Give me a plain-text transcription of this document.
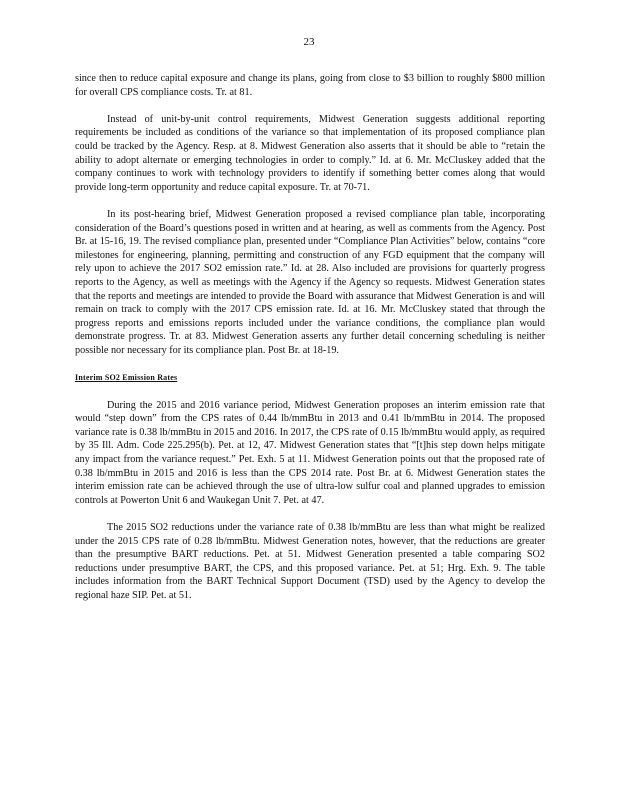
23

since then to reduce capital exposure and change its plans, going from close to $3 billion to roughly $800 million for overall CPS compliance costs. Tr. at 81.

Instead of unit-by-unit control requirements, Midwest Generation suggests additional reporting requirements be included as conditions of the variance so that implementation of its proposed compliance plan could be tracked by the Agency. Resp. at 8. Midwest Generation also asserts that it should be able to “retain the ability to adopt alternate or emerging technologies in order to comply.” Id. at 6. Mr. McCluskey added that the company continues to work with technology providers to identify if something better comes along that would provide long-term opportunity and reduce capital exposure. Tr. at 70-71.

In its post-hearing brief, Midwest Generation proposed a revised compliance plan table, incorporating consideration of the Board’s questions posed in written and at hearing, as well as comments from the Agency. Post Br. at 15-16, 19. The revised compliance plan, presented under “Compliance Plan Activities” below, contains “core milestones for engineering, planning, permitting and construction of any FGD equipment that the company will rely upon to achieve the 2017 SO2 emission rate.” Id. at 28. Also included are provisions for quarterly progress reports to the Agency, as well as meetings with the Agency if the Agency so requests. Midwest Generation states that the reports and meetings are intended to provide the Board with assurance that Midwest Generation is and will remain on track to comply with the 2017 CPS emission rate. Id. at 16. Mr. McCluskey stated that through the progress reports and emissions reports included under the variance conditions, the compliance plan would demonstrate progress. Tr. at 83. Midwest Generation asserts any further detail concerning scheduling is neither possible nor necessary for its compliance plan. Post Br. at 18-19.

Interim SO2 Emission Rates

During the 2015 and 2016 variance period, Midwest Generation proposes an interim emission rate that would “step down” from the CPS rates of 0.44 lb/mmBtu in 2013 and 0.41 lb/mmBtu in 2014. The proposed variance rate is 0.38 lb/mmBtu in 2015 and 2016. In 2017, the CPS rate of 0.15 lb/mmBtu would apply, as required by 35 Ill. Adm. Code 225.295(b). Pet. at 12, 47. Midwest Generation states that “[t]his step down helps mitigate any impact from the variance request.” Pet. Exh. 5 at 11. Midwest Generation points out that the proposed rate of 0.38 lb/mmBtu in 2015 and 2016 is less than the CPS 2014 rate. Post Br. at 6. Midwest Generation states the interim emission rate can be achieved through the use of ultra-low sulfur coal and planned upgrades to emission controls at Powerton Unit 6 and Waukegan Unit 7. Pet. at 47.

The 2015 SO2 reductions under the variance rate of 0.38 lb/mmBtu are less than what might be realized under the 2015 CPS rate of 0.28 lb/mmBtu. Midwest Generation notes, however, that the reductions are greater than the presumptive BART reductions. Pet. at 51. Midwest Generation presented a table comparing SO2 reductions under presumptive BART, the CPS, and this proposed variance. Pet. at 51; Hrg. Exh. 9. The table includes information from the BART Technical Support Document (TSD) used by the Agency to develop the regional haze SIP. Pet. at 51.
